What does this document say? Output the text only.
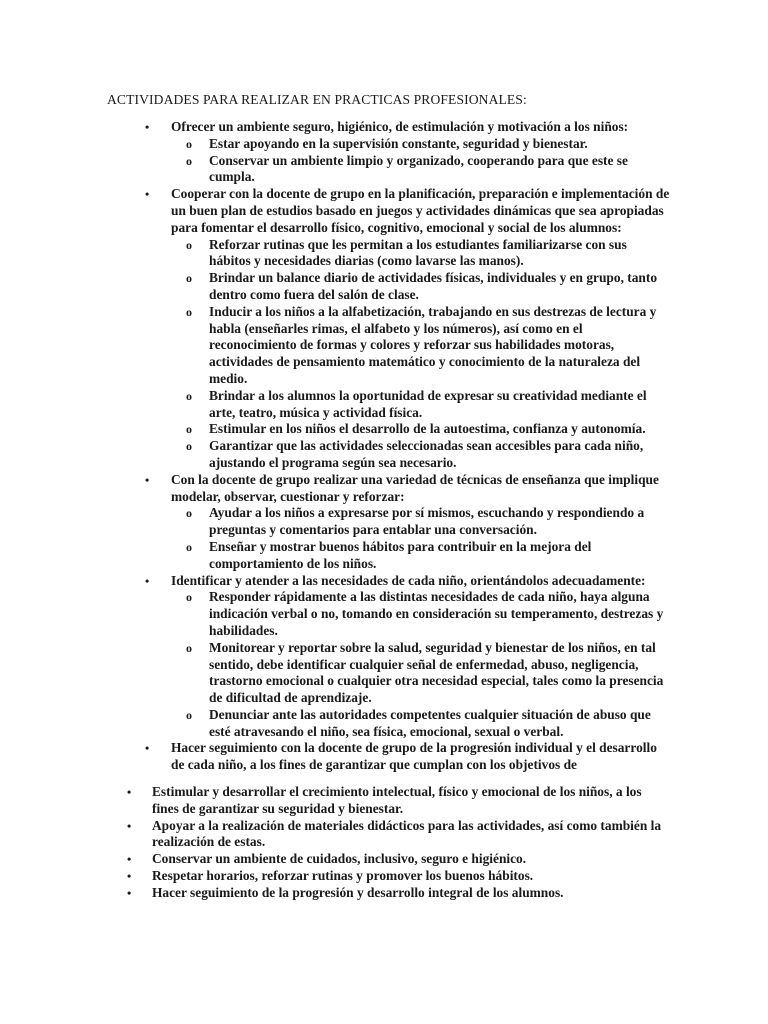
ACTIVIDADES PARA REALIZAR EN PRACTICAS PROFESIONALES:
•	Ofrecer un ambiente seguro, higiénico, de estimulación y motivación a los niños:
o Estar apoyando en la supervisión constante, seguridad y bienestar.
o Conservar un ambiente limpio y organizado, cooperando para que este se cumpla.
•	Cooperar con la docente de grupo en la planificación, preparación e implementación de un buen plan de estudios basado en juegos y actividades dinámicas que sea apropiadas para fomentar el desarrollo físico, cognitivo, emocional y social de los alumnos:
o Reforzar rutinas que les permitan a los estudiantes familiarizarse con sus hábitos y necesidades diarias (como lavarse las manos).
o Brindar un balance diario de actividades físicas, individuales y en grupo, tanto dentro como fuera del salón de clase.
o Inducir a los niños a la alfabetización, trabajando en sus destrezas de lectura y habla (enseñarles rimas, el alfabeto y los números), así como en el reconocimiento de formas y colores y reforzar sus habilidades motoras, actividades de pensamiento matemático y conocimiento de la naturaleza del medio.
o Brindar a los alumnos la oportunidad de expresar su creatividad mediante el arte, teatro, música y actividad física.
o Estimular en los niños el desarrollo de la autoestima, confianza y autonomía.
o Garantizar que las actividades seleccionadas sean accesibles para cada niño, ajustando el programa según sea necesario.
•	Con la docente de grupo realizar una variedad de técnicas de enseñanza que implique modelar, observar, cuestionar y reforzar:
o Ayudar a los niños a expresarse por sí mismos, escuchando y respondiendo a preguntas y comentarios para entablar una conversación.
o Enseñar y mostrar buenos hábitos para contribuir en la mejora del comportamiento de los niños.
•	Identificar y atender a las necesidades de cada niño, orientándolos adecuadamente:
o Responder rápidamente a las distintas necesidades de cada niño, haya alguna indicación verbal o no, tomando en consideración su temperamento, destrezas y habilidades.
o Monitorear y reportar sobre la salud, seguridad y bienestar de los niños, en tal sentido, debe identificar cualquier señal de enfermedad, abuso, negligencia, trastorno emocional o cualquier otra necesidad especial, tales como la presencia de dificultad de aprendizaje.
o Denunciar ante las autoridades competentes cualquier situación de abuso que esté atravesando el niño, sea física, emocional, sexual o verbal.
•	Hacer seguimiento con la docente de grupo de la progresión individual y el desarrollo de cada niño, a los fines de garantizar que cumplan con los objetivos de
• Estimular y desarrollar el crecimiento intelectual, físico y emocional de los niños, a los fines de garantizar su seguridad y bienestar.
• Apoyar a la realización de materiales didácticos para las actividades, así como también la realización de estas.
• Conservar un ambiente de cuidados, inclusivo, seguro e higiénico.
• Respetar horarios, reforzar rutinas y promover los buenos hábitos.
• Hacer seguimiento de la progresión y desarrollo integral de los alumnos.
